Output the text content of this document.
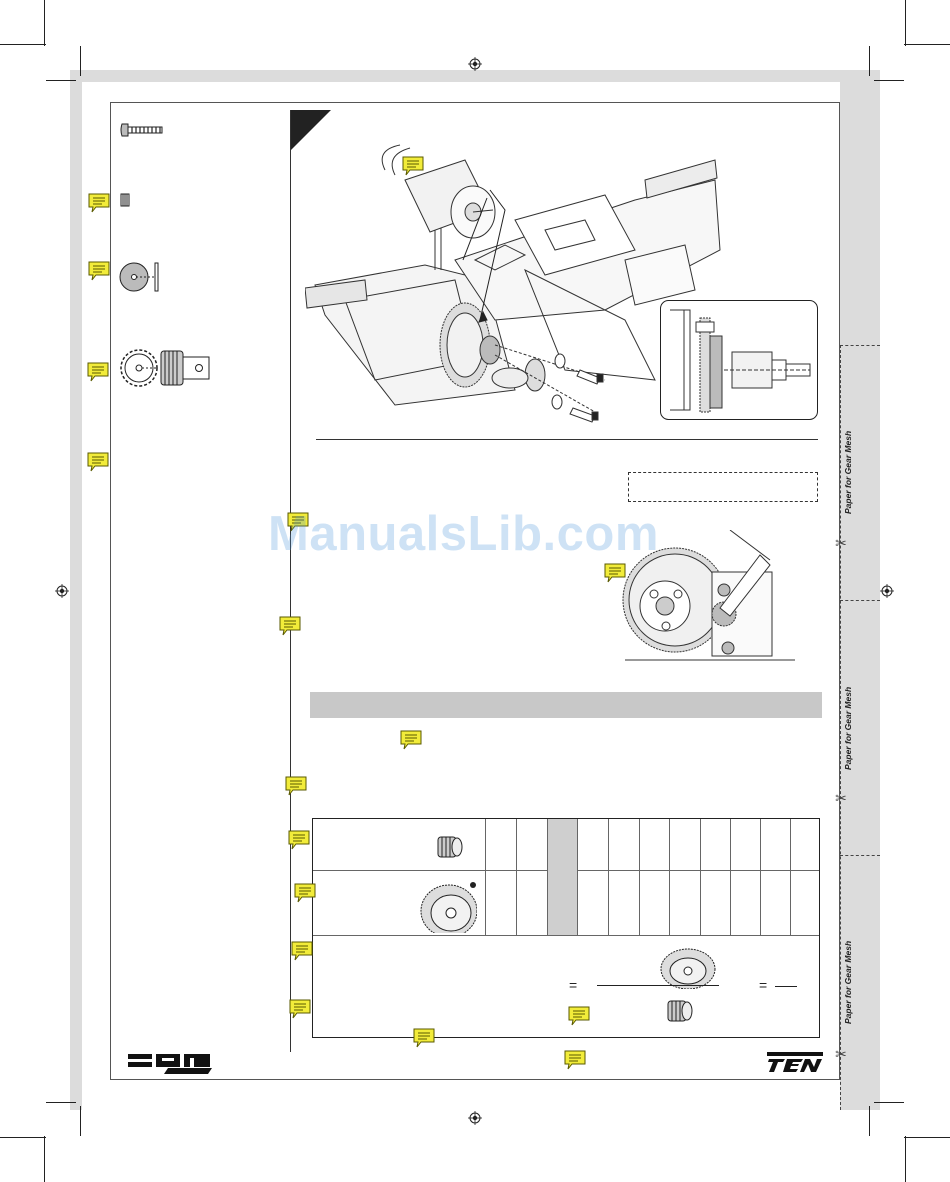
Paper for Gear Mesh
Paper for Gear Mesh
Paper for Gear Mesh
✂
✂
✂
=	=
ManualsLib.com
